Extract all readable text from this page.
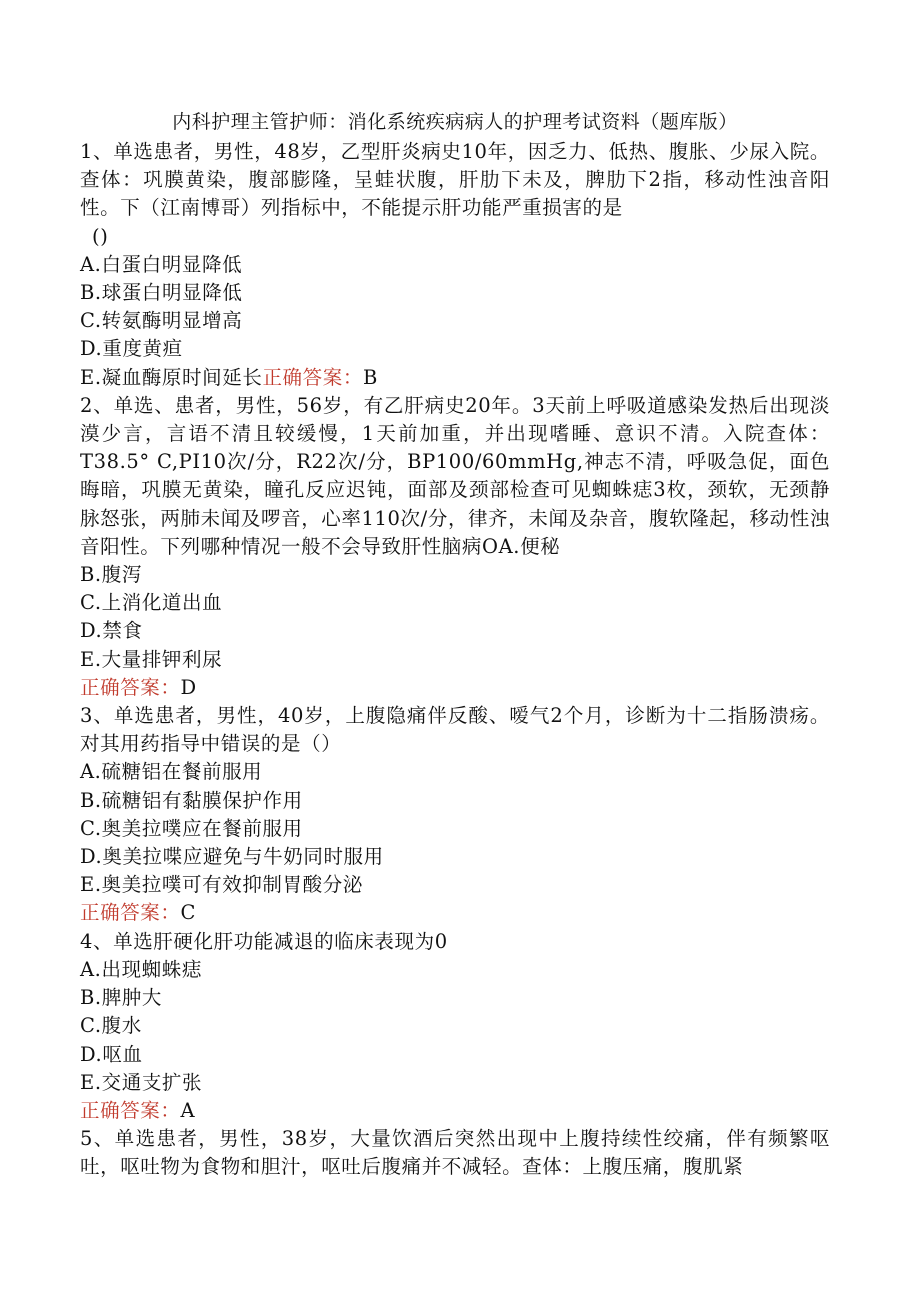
内科护理主管护师：消化系统疾病病人的护理考试资料（题库版）

1、单选患者，男性，48岁，乙型肝炎病史10年，因乏力、低热、腹胀、少尿入院。查体：巩膜黄染，腹部膨隆，呈蛙状腹，肝肋下未及，脾肋下2指，移动性浊音阳性。下（江南博哥）列指标中，不能提示肝功能严重损害的是

()

A.白蛋白明显降低

B.球蛋白明显降低

C.转氨酶明显增高

D.重度黄疸

E.凝血酶原时间延长正确答案：B

2、单选、患者，男性，56岁，有乙肝病史20年。3天前上呼吸道感染发热后出现淡漠少言，言语不清且较缓慢，1天前加重，并出现嗜睡、意识不清。入院查体：T38.5° C,PI10次/分，R22次/分，BP100/60mmHg,神志不清，呼吸急促，面色晦暗，巩膜无黄染，瞳孔反应迟钝，面部及颈部检查可见蜘蛛痣3枚，颈软，无颈静脉怒张，两肺未闻及啰音，心率110次/分，律齐，未闻及杂音，腹软隆起，移动性浊音阳性。下列哪种情况一般不会导致肝性脑病OA.便秘

B.腹泻

C.上消化道出血

D.禁食

E.大量排钾利尿

正确答案：D

3、单选患者，男性，40岁，上腹隐痛伴反酸、嗳气2个月，诊断为十二指肠溃疡。对其用药指导中错误的是（）

A.硫糖铝在餐前服用

B.硫糖铝有黏膜保护作用

C.奥美拉噗应在餐前服用

D.奥美拉喋应避免与牛奶同时服用

E.奥美拉噗可有效抑制胃酸分泌

正确答案：C

4、单选肝硬化肝功能减退的临床表现为0

A.出现蜘蛛痣

B.脾肿大

C.腹水

D.呕血

E.交通支扩张

正确答案：A

5、单选患者，男性，38岁，大量饮酒后突然出现中上腹持续性绞痛，伴有频繁呕吐，呕吐物为食物和胆汁，呕吐后腹痛并不减轻。查体：上腹压痛，腹肌紧
